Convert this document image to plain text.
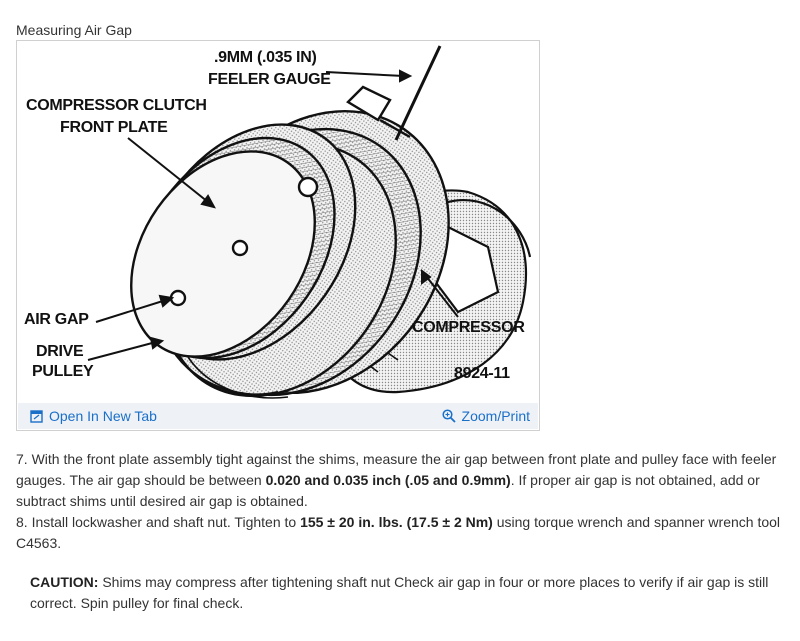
Measuring Air Gap
.9MM (.035 IN)
FEELER GAUGE
COMPRESSOR CLUTCH
FRONT PLATE
AIR GAP
DRIVE
PULLEY
COMPRESSOR
8924-11
Open In New Tab	Zoom/Print

7. With the front plate assembly tight against the shims, measure the air gap between front plate and pulley face with feeler gauges. The air gap should be between 0.020 and 0.035 inch (.05 and 0.9mm). If proper air gap is not obtained, add or subtract shims until desired air gap is obtained.

8. Install lockwasher and shaft nut. Tighten to 155 ± 20 in. lbs. (17.5 ± 2 Nm) using torque wrench and spanner wrench tool C4563.

CAUTION: Shims may compress after tightening shaft nut Check air gap in four or more places to verify if air gap is still correct. Spin pulley for final check.
